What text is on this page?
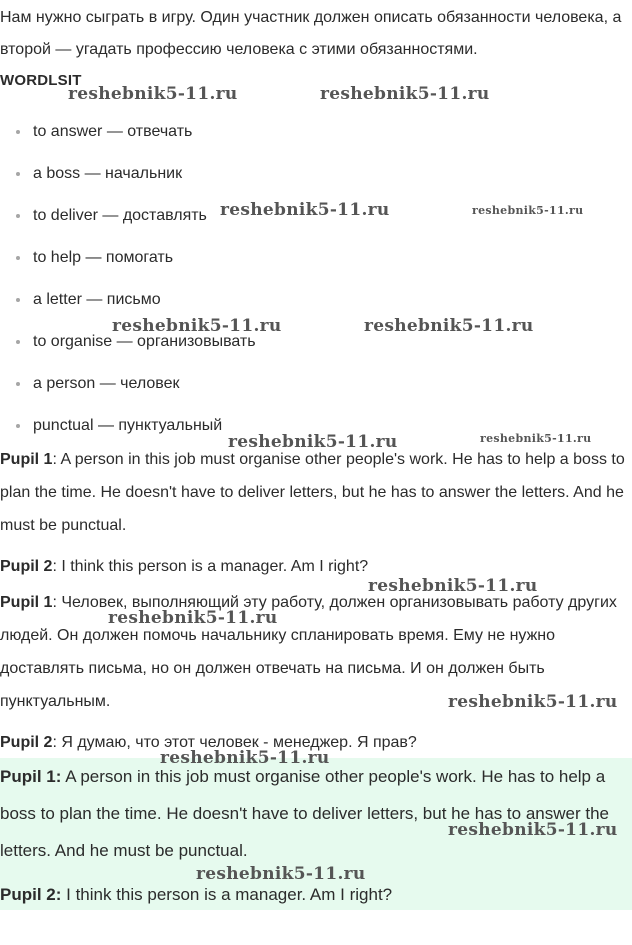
Нам нужно сыграть в игру. Один участник должен описать обязанности человека, а второй — угадать профессию человека с этими обязанностями.

WORDLSIT

to answer — отвечать
a boss — начальник
to deliver — доставлять
to help — помогать
a letter — письмо
to organise — организовывать
a person — человек
punctual — пунктуальный

Pupil 1: A person in this job must organise other people's work. He has to help a boss to plan the time. He doesn't have to deliver letters, but he has to answer the letters. And he must be punctual.

Pupil 2: I think this person is a manager. Am I right?

Pupil 1: Человек, выполняющий эту работу, должен организовывать работу других людей. Он должен помочь начальнику спланировать время. Ему не нужно доставлять письма, но он должен отвечать на письма. И он должен быть пунктуальным.

Pupil 2: Я думаю, что этот человек - менеджер. Я прав?

Pupil 1: A person in this job must organise other people's work. He has to help a boss to plan the time. He doesn't have to deliver letters, but he has to answer the letters. And he must be punctual.

Pupil 2: I think this person is a manager. Am I right?

reshebnik5-11.ru	reshebnik5-11.ru
reshebnik5-11.ru	reshebnik5-11.ru
reshebnik5-11.ru	reshebnik5-11.ru
reshebnik5-11.ru	reshebnik5-11.ru
reshebnik5-11.ru
reshebnik5-11.ru
reshebnik5-11.ru
reshebnik5-11.ru
reshebnik5-11.ru
reshebnik5-11.ru
